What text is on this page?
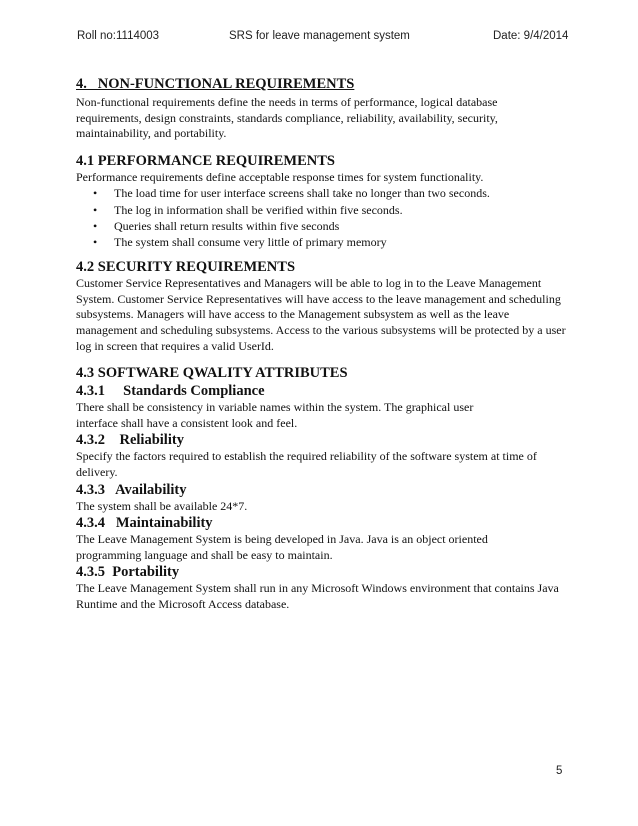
Roll no:1114003	SRS for leave management system	Date: 9/4/2014
4.   NON-FUNCTIONAL REQUIREMENTS

Non-functional requirements define the needs in terms of performance, logical database requirements, design constraints, standards compliance, reliability, availability, security, maintainability, and portability.

4.1 PERFORMANCE REQUIREMENTS

Performance requirements define acceptable response times for system functionality.

• The load time for user interface screens shall take no longer than two seconds.
• The log in information shall be verified within five seconds.
• Queries shall return results within five seconds
• The system shall consume very little of primary memory
4.2 SECURITY REQUIREMENTS

Customer Service Representatives and Managers will be able to log in to the Leave Management System. Customer Service Representatives will have access to the leave management and scheduling subsystems. Managers will have access to the Management subsystem as well as the leave management and scheduling subsystems. Access to the various subsystems will be protected by a user log in screen that requires a valid UserId.

4.3 SOFTWARE QWALITY ATTRIBUTES
4.3.1     Standards Compliance

There shall be consistency in variable names within the system. The graphical user interface shall have a consistent look and feel.

4.3.2    Reliability

Specify the factors required to establish the required reliability of the software system at time of delivery.

4.3.3   Availability

The system shall be available 24*7.

4.3.4   Maintainability

The Leave Management System is being developed in Java. Java is an object oriented programming language and shall be easy to maintain.

4.3.5  Portability

The Leave Management System shall run in any Microsoft Windows environment that contains Java Runtime and the Microsoft Access database.

5
